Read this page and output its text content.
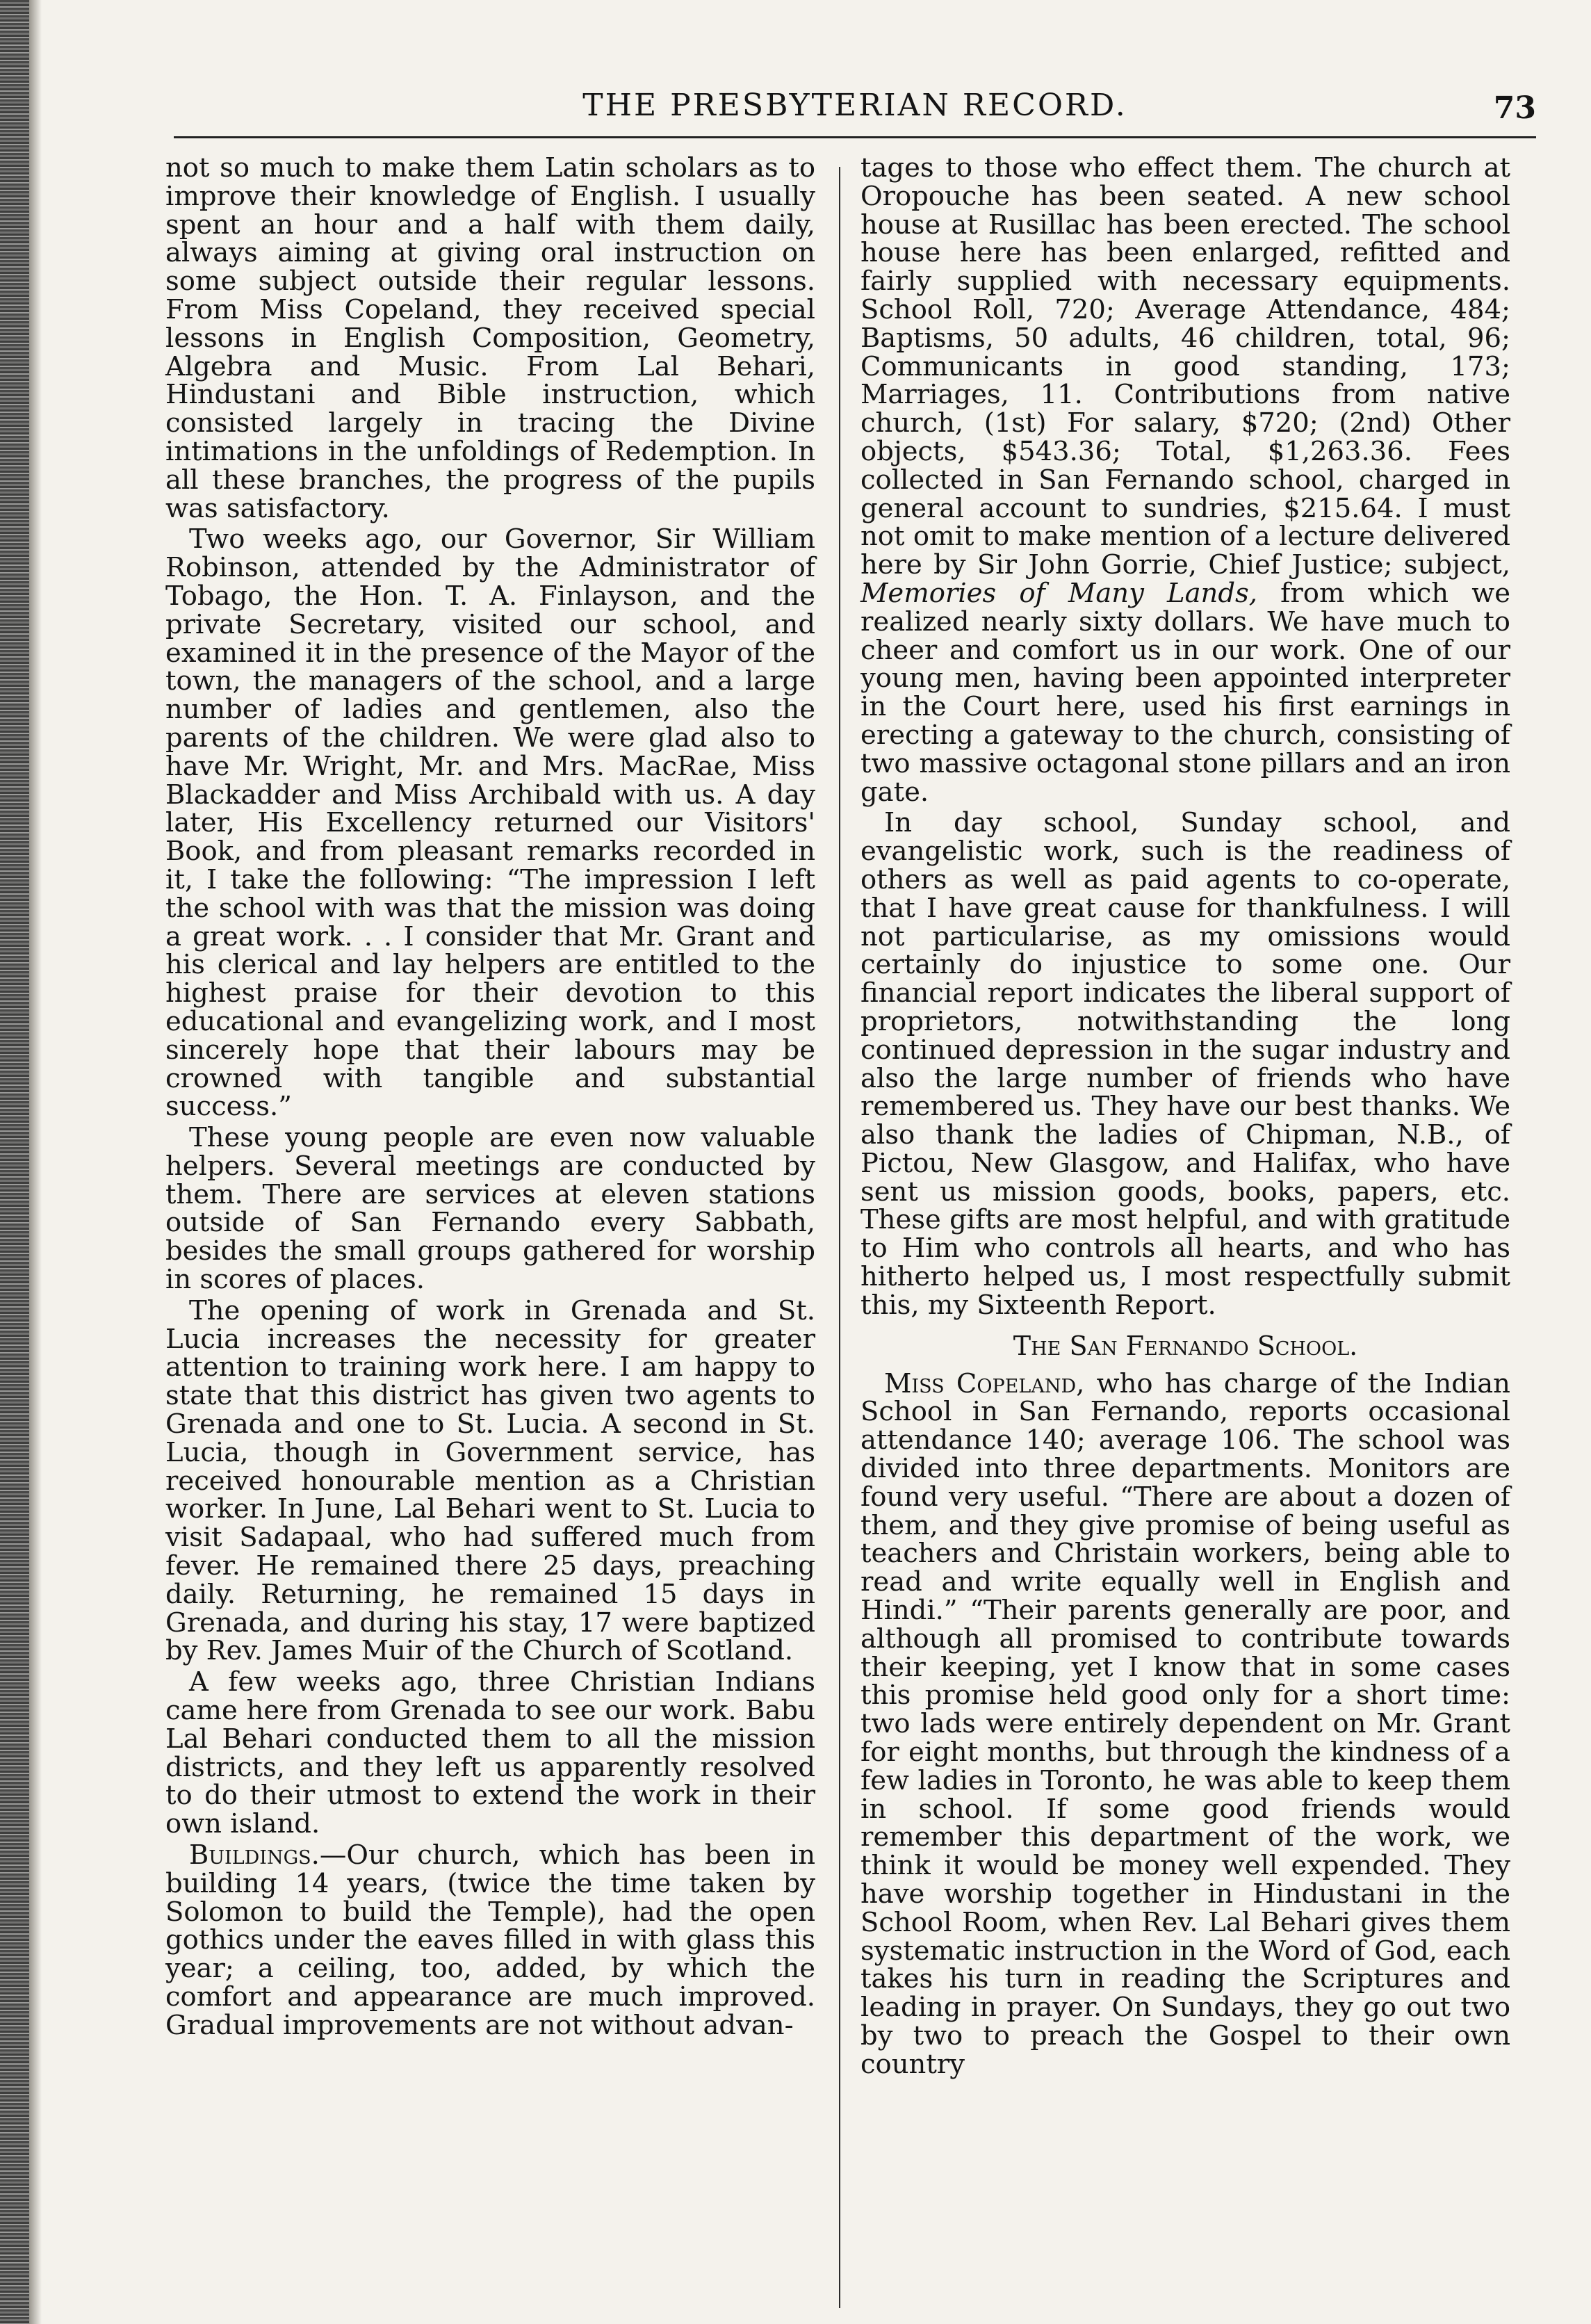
THE PRESBYTERIAN RECORD.	73

not so much to make them Latin scholars as to improve their knowledge of English. I usually spent an hour and a half with them daily, always aiming at giving oral instruction on some subject outside their regular lessons. From Miss Copeland, they received special lessons in English Composition, Geometry, Algebra and Music. From Lal Behari, Hindustani and Bible instruction, which consisted largely in tracing the Divine intimations in the unfoldings of Redemption. In all these branches, the progress of the pupils was satisfactory.

Two weeks ago, our Governor, Sir William Robinson, attended by the Administrator of Tobago, the Hon. T. A. Finlayson, and the private Secretary, visited our school, and examined it in the presence of the Mayor of the town, the managers of the school, and a large number of ladies and gentlemen, also the parents of the children. We were glad also to have Mr. Wright, Mr. and Mrs. MacRae, Miss Blackadder and Miss Archibald with us. A day later, His Excellency returned our Visitors' Book, and from pleasant remarks recorded in it, I take the following: “The impression I left the school with was that the mission was doing a great work. . . I consider that Mr. Grant and his clerical and lay helpers are entitled to the highest praise for their devotion to this educational and evangelizing work, and I most sincerely hope that their labours may be crowned with tangible and substantial success.”

These young people are even now valuable helpers. Several meetings are conducted by them. There are services at eleven stations outside of San Fernando every Sabbath, besides the small groups gathered for worship in scores of places.

The opening of work in Grenada and St. Lucia increases the necessity for greater attention to training work here. I am happy to state that this district has given two agents to Grenada and one to St. Lucia. A second in St. Lucia, though in Government service, has received honourable mention as a Christian worker. In June, Lal Behari went to St. Lucia to visit Sadapaal, who had suffered much from fever. He remained there 25 days, preaching daily. Returning, he remained 15 days in Grenada, and during his stay, 17 were baptized by Rev. James Muir of the Church of Scotland.

A few weeks ago, three Christian Indians came here from Grenada to see our work. Babu Lal Behari conducted them to all the mission districts, and they left us apparently resolved to do their utmost to extend the work in their own island.

Buildings.—Our church, which has been in building 14 years, (twice the time taken by Solomon to build the Temple), had the open gothics under the eaves filled in with glass this year; a ceiling, too, added, by which the comfort and appearance are much improved. Gradual improvements are not without advan-

tages to those who effect them. The church at Oropouche has been seated. A new school house at Rusillac has been erected. The school house here has been enlarged, refitted and fairly supplied with necessary equipments. School Roll, 720; Average Attendance, 484; Baptisms, 50 adults, 46 children, total, 96; Communicants in good standing, 173; Marriages, 11. Contributions from native church, (1st) For salary, $720; (2nd) Other objects, $543.36; Total, $1,263.36. Fees collected in San Fernando school, charged in general account to sundries, $215.64. I must not omit to make mention of a lecture delivered here by Sir John Gorrie, Chief Justice; subject, Memories of Many Lands, from which we realized nearly sixty dollars. We have much to cheer and comfort us in our work. One of our young men, having been appointed interpreter in the Court here, used his first earnings in erecting a gateway to the church, consisting of two massive octagonal stone pillars and an iron gate.

In day school, Sunday school, and evangelistic work, such is the readiness of others as well as paid agents to co-operate, that I have great cause for thankfulness. I will not particularise, as my omissions would certainly do injustice to some one. Our financial report indicates the liberal support of proprietors, notwithstanding the long continued depression in the sugar industry and also the large number of friends who have remembered us. They have our best thanks. We also thank the ladies of Chipman, N.B., of Pictou, New Glasgow, and Halifax, who have sent us mission goods, books, papers, etc. These gifts are most helpful, and with gratitude to Him who controls all hearts, and who has hitherto helped us, I most respectfully submit this, my Sixteenth Report.

The San Fernando School.

Miss Copeland, who has charge of the Indian School in San Fernando, reports occasional attendance 140; average 106. The school was divided into three departments. Monitors are found very useful. “There are about a dozen of them, and they give promise of being useful as teachers and Christain workers, being able to read and write equally well in English and Hindi.” “Their parents generally are poor, and although all promised to contribute towards their keeping, yet I know that in some cases this promise held good only for a short time: two lads were entirely dependent on Mr. Grant for eight months, but through the kindness of a few ladies in Toronto, he was able to keep them in school. If some good friends would remember this department of the work, we think it would be money well expended. They have worship together in Hindustani in the School Room, when Rev. Lal Behari gives them systematic instruction in the Word of God, each takes his turn in reading the Scriptures and leading in prayer. On Sundays, they go out two by two to preach the Gospel to their own country
